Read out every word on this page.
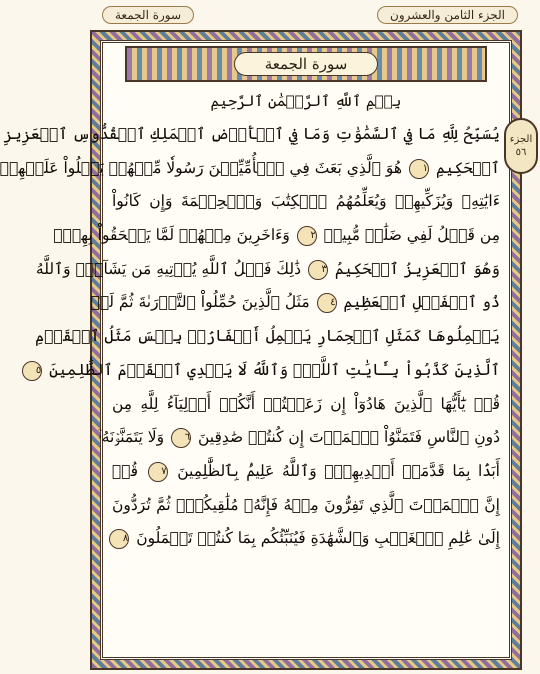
الجزء الثامن والعشرون
سورة الجمعة
الجزء
٥٦
سورة الجمعة
بِسۡمِ ٱللَّهِ ٱلرَّحۡمَٰنِ ٱلرَّحِيمِ
يُسَبِّحُ لِلَّهِ مَا فِي ٱلسَّمَٰوَٰتِ وَمَا فِي ٱلۡأَرۡضِ ٱلۡمَلِكِ ٱلۡقُدُّوسِ ٱلۡعَزِيزِ
ٱلۡحَكِيمِ ١ هُوَ ٱلَّذِي بَعَثَ فِي ٱلۡأُمِّيِّـۧنَ رَسُولٗا مِّنۡهُمۡ يَتۡلُواْ عَلَيۡهِمۡ
ءَايَٰتِهِۦ وَيُزَكِّيهِمۡ وَيُعَلِّمُهُمُ ٱلۡكِتَٰبَ وَٱلۡحِكۡمَةَ وَإِن كَانُواْ
مِن قَبۡلُ لَفِي ضَلَٰلٖ مُّبِينٖ ٢ وَءَاخَرِينَ مِنۡهُمۡ لَمَّا يَلۡحَقُواْ بِهِمۡۚ
وَهُوَ ٱلۡعَزِيزُ ٱلۡحَكِيمُ ٣ ذَٰلِكَ فَضۡلُ ٱللَّهِ يُؤۡتِيهِ مَن يَشَآءُۚ وَٱللَّهُ
ذُو ٱلۡفَضۡلِ ٱلۡعَظِيمِ ٤ مَثَلُ ٱلَّذِينَ حُمِّلُواْ ٱلتَّوۡرَىٰةَ ثُمَّ لَمۡ
يَحۡمِلُوهَا كَمَثَلِ ٱلۡحِمَارِ يَحۡمِلُ أَسۡفَارَۢاۚ بِئۡسَ مَثَلُ ٱلۡقَوۡمِ
ٱلَّذِينَ كَذَّبُواْ بِـَٔايَٰتِ ٱللَّهِۚ وَٱللَّهُ لَا يَهۡدِي ٱلۡقَوۡمَ ٱلظَّٰلِمِينَ ٥
قُلۡ يَٰٓأَيُّهَا ٱلَّذِينَ هَادُوٓاْ إِن زَعَمۡتُمۡ أَنَّكُمۡ أَوۡلِيَآءُ لِلَّهِ مِن
دُونِ ٱلنَّاسِ فَتَمَنَّوُاْ ٱلۡمَوۡتَ إِن كُنتُمۡ صَٰدِقِينَ ٦ وَلَا يَتَمَنَّوۡنَهُۥٓ
أَبَدَۢا بِمَا قَدَّمَتۡ أَيۡدِيهِمۡۚ وَٱللَّهُ عَلِيمُۢ بِٱلظَّٰلِمِينَ ٧ قُلۡ
إِنَّ ٱلۡمَوۡتَ ٱلَّذِي تَفِرُّونَ مِنۡهُ فَإِنَّهُۥ مُلَٰقِيكُمۡۖ ثُمَّ تُرَدُّونَ
إِلَىٰ عَٰلِمِ ٱلۡغَيۡبِ وَٱلشَّهَٰدَةِ فَيُنَبِّئُكُم بِمَا كُنتُمۡ تَعۡمَلُونَ ٨
